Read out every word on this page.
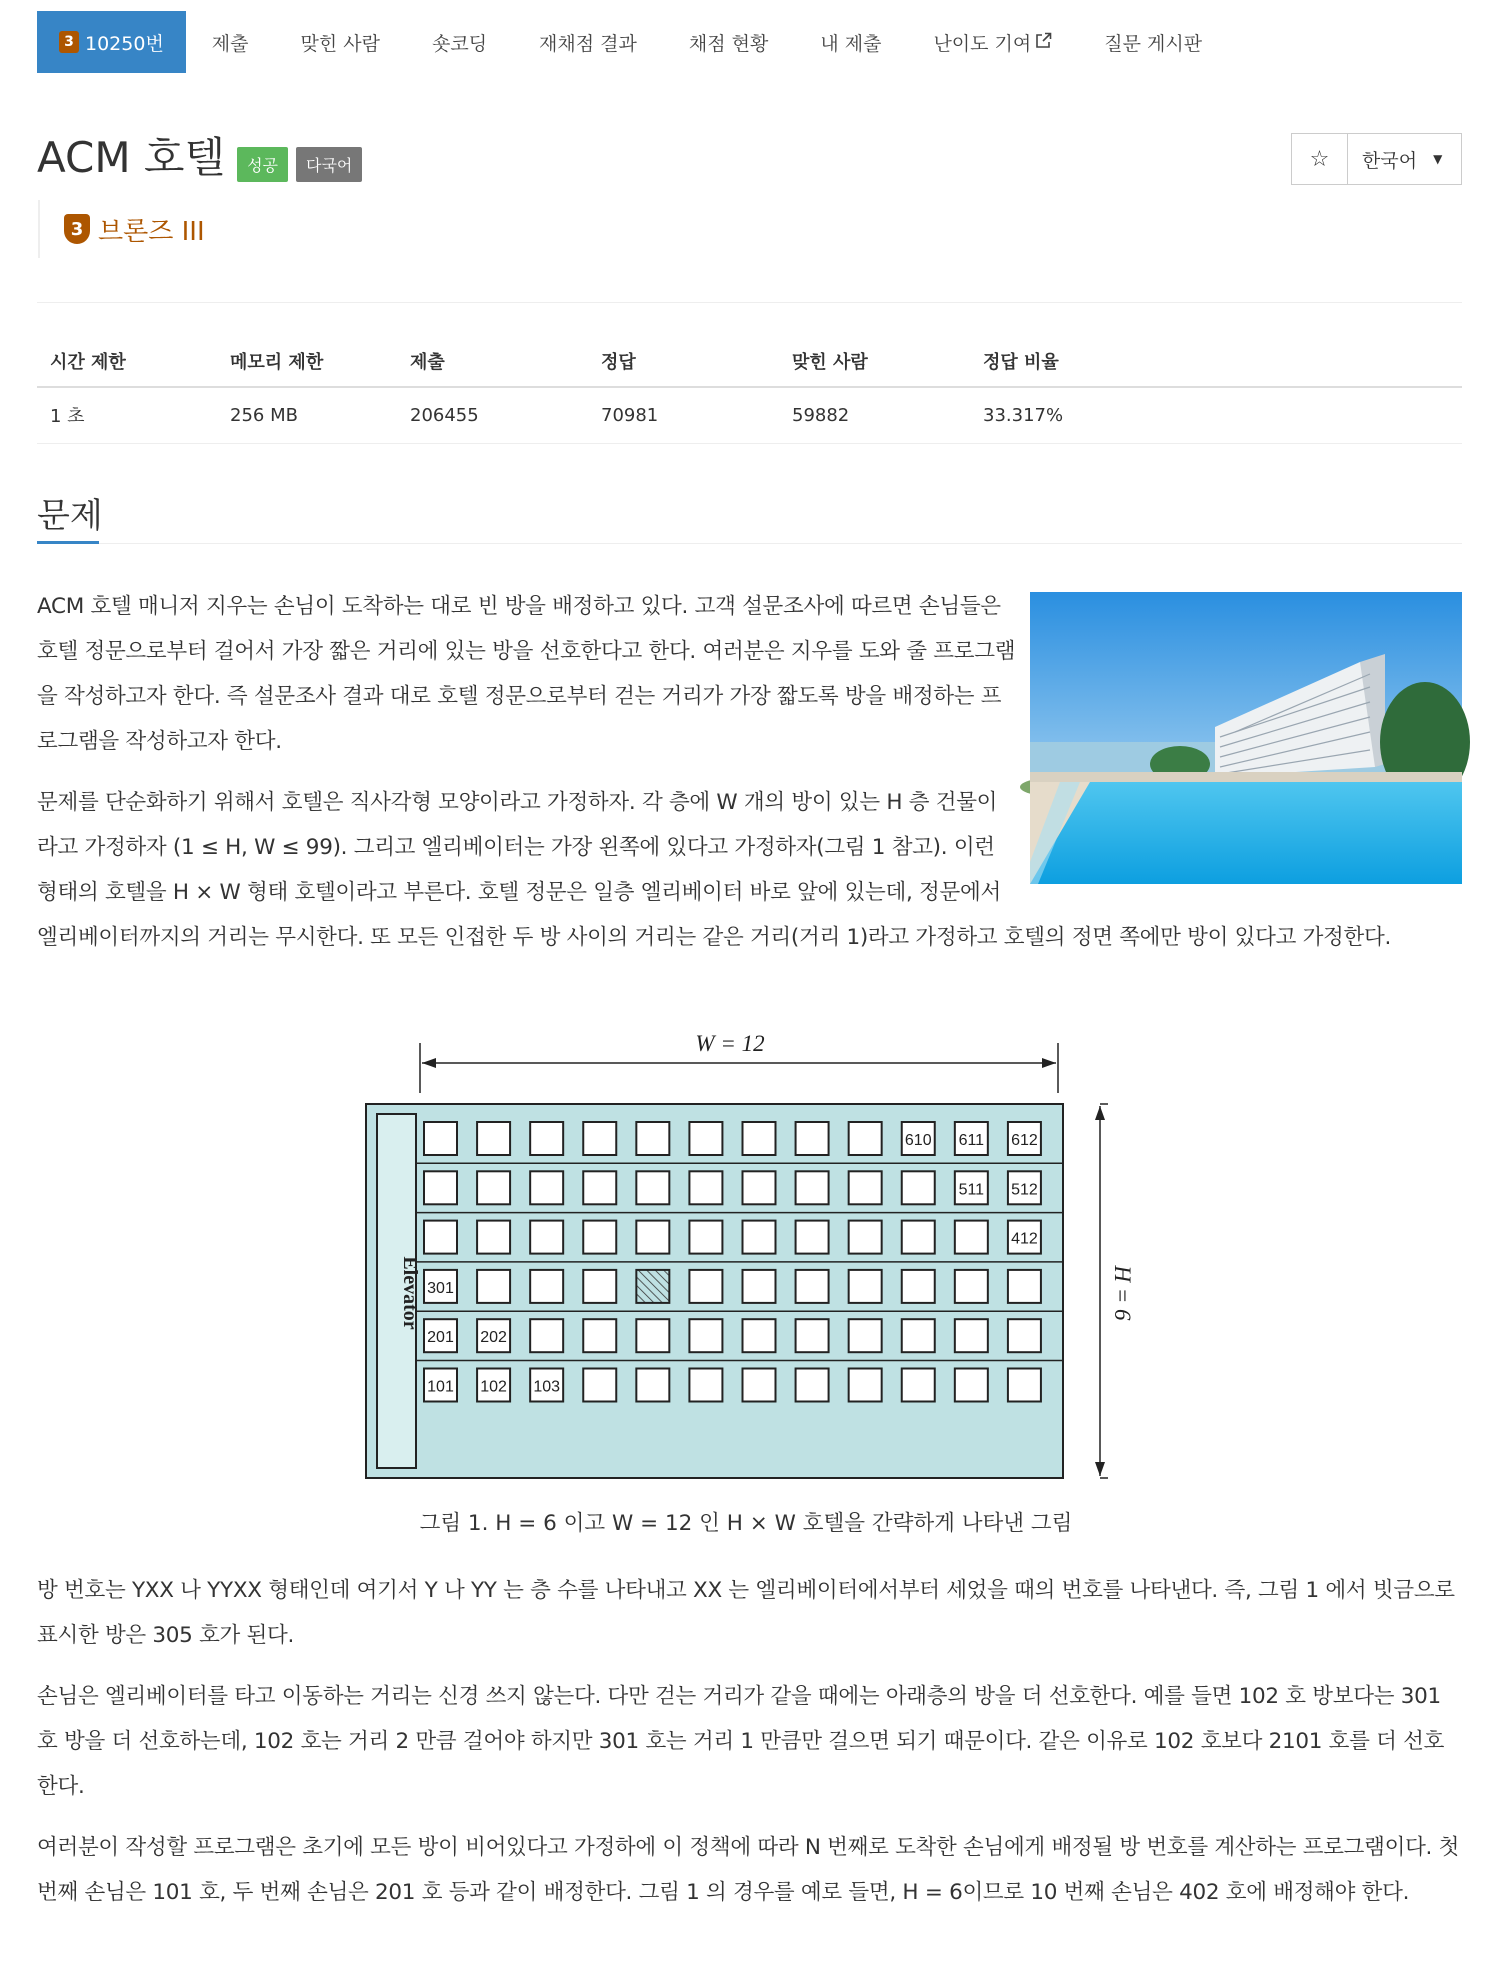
3 10250번	제출	맞힌 사람	숏코딩	재채점 결과	채점 현황	내 제출	난이도 기여	질문 게시판
ACM 호텔	성공	다국어	☆	한국어 ▼
3 브론즈 III
시간 제한	메모리 제한	제출	정답	맞힌 사람	정답 비율
1 초	256 MB	206455	70981	59882	33.317%
문제

ACM 호텔 매니저 지우는 손님이 도착하는 대로 빈 방을 배정하고 있다. 고객 설문조사에 따르면 손님들은 호텔 정문으로부터 걸어서 가장 짧은 거리에 있는 방을 선호한다고 한다. 여러분은 지우를 도와 줄 프로그램을 작성하고자 한다. 즉 설문조사 결과 대로 호텔 정문으로부터 걷는 거리가 가장 짧도록 방을 배정하는 프로그램을 작성하고자 한다.

문제를 단순화하기 위해서 호텔은 직사각형 모양이라고 가정하자. 각 층에 W 개의 방이 있는 H 층 건물이라고 가정하자 (1 ≤ H, W ≤ 99). 그리고 엘리베이터는 가장 왼쪽에 있다고 가정하자(그림 1 참고). 이런 형태의 호텔을 H × W 형태 호텔이라고 부른다. 호텔 정문은 일층 엘리베이터 바로 앞에 있는데, 정문에서 엘리베이터까지의 거리는 무시한다. 또 모든 인접한 두 방 사이의 거리는 같은 거리(거리 1)라고 가정하고 호텔의 정면 쪽에만 방이 있다고 가정한다.

W = 12
H = 6
Elevator
610 611 612
511 512
412
301
201 202
101 102 103
그림 1. H = 6 이고 W = 12 인 H × W 호텔을 간략하게 나타낸 그림

방 번호는 YXX 나 YYXX 형태인데 여기서 Y 나 YY 는 층 수를 나타내고 XX 는 엘리베이터에서부터 세었을 때의 번호를 나타낸다. 즉, 그림 1 에서 빗금으로 표시한 방은 305 호가 된다.

손님은 엘리베이터를 타고 이동하는 거리는 신경 쓰지 않는다. 다만 걷는 거리가 같을 때에는 아래층의 방을 더 선호한다. 예를 들면 102 호 방보다는 301 호 방을 더 선호하는데, 102 호는 거리 2 만큼 걸어야 하지만 301 호는 거리 1 만큼만 걸으면 되기 때문이다. 같은 이유로 102 호보다 2101 호를 더 선호한다.

여러분이 작성할 프로그램은 초기에 모든 방이 비어있다고 가정하에 이 정책에 따라 N 번째로 도착한 손님에게 배정될 방 번호를 계산하는 프로그램이다. 첫 번째 손님은 101 호, 두 번째 손님은 201 호 등과 같이 배정한다. 그림 1 의 경우를 예로 들면, H = 6이므로 10 번째 손님은 402 호에 배정해야 한다.
